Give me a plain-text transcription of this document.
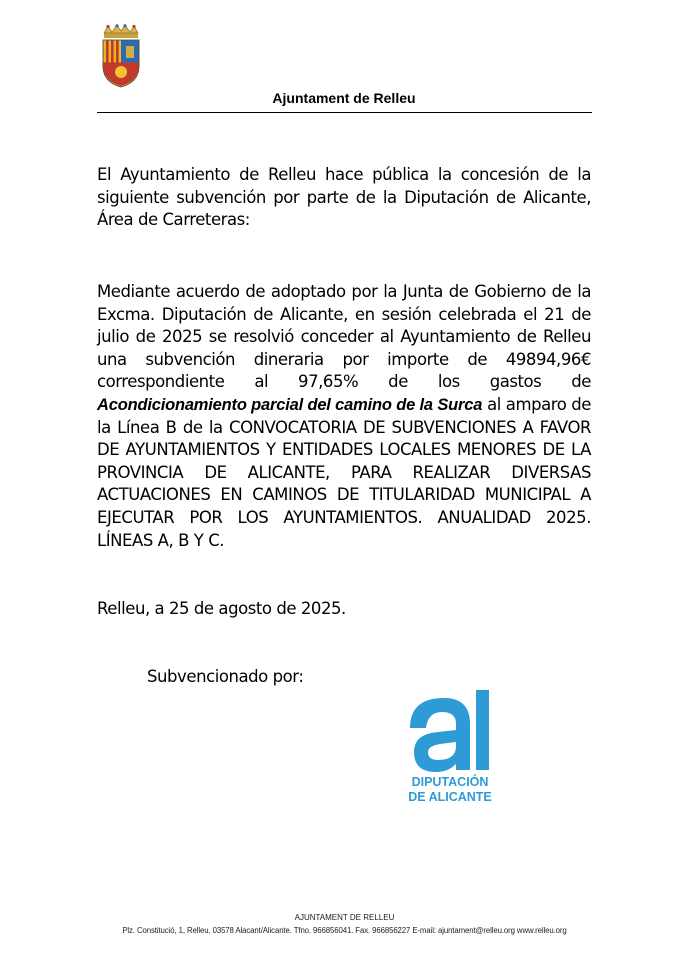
Ajuntament de Relleu
El Ayuntamiento de Relleu hace pública la concesión de la siguiente subvención por parte de la Diputación de Alicante, Área de Carreteras:
Mediante acuerdo de adoptado por la Junta de Gobierno de la Excma. Diputación de Alicante, en sesión celebrada el 21 de julio de 2025 se resolvió conceder al Ayuntamiento de Relleu una subvención dineraria por importe de 49894,96€ correspondiente al 97,65% de los gastos de Acondicionamiento parcial del camino de la Surca al amparo de la Línea B de la CONVOCATORIA DE SUBVENCIONES A FAVOR DE AYUNTAMIENTOS Y ENTIDADES LOCALES MENORES DE LA PROVINCIA DE ALICANTE, PARA REALIZAR DIVERSAS ACTUACIONES EN CAMINOS DE TITULARIDAD MUNICIPAL A EJECUTAR POR LOS AYUNTAMIENTOS. ANUALIDAD 2025. LÍNEAS A, B Y C.
Relleu, a 25 de agosto de 2025.
Subvencionado por:
DIPUTACIÓN
DE ALICANTE
AJUNTAMENT DE RELLEU
Plz. Constitució, 1, Relleu. 03578 Alacant/Alicante. Tfno. 966856041. Fax. 966856227 E-mail: ajuntament@relleu.org www.relleu.org
